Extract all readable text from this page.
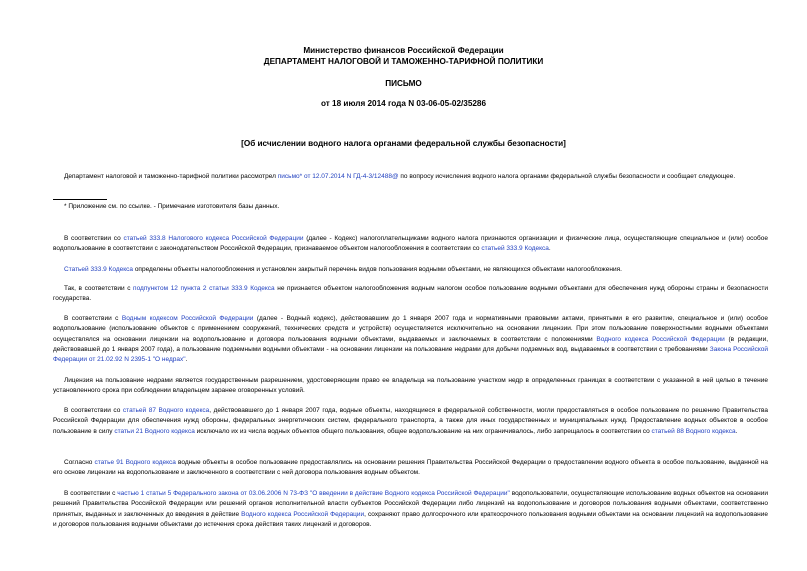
Министерство финансов Российской Федерации
ДЕПАРТАМЕНТ НАЛОГОВОЙ И ТАМОЖЕННО-ТАРИФНОЙ ПОЛИТИКИ
ПИСЬМО
от 18 июля 2014 года N 03-06-05-02/35286
[Об исчислении водного налога органами федеральной службы безопасности]

Департамент налоговой и таможенно-тарифной политики рассмотрел письмо* от 12.07.2014 N ГД-4-3/12488@ по вопросу исчисления водного налога органами федеральной службы безопасности и сообщает следующее.

* Приложение см. по ссылке. - Примечание изготовителя базы данных.

В соответствии со статьей 333.8 Налогового кодекса Российской Федерации (далее - Кодекс) налогоплательщиками водного налога признаются организации и физические лица, осуществляющие специальное и (или) особое водопользование в соответствии с законодательством Российской Федерации, признаваемое объектом налогообложения в соответствии со статьей 333.9 Кодекса.

Статьей 333.9 Кодекса определены объекты налогообложения и установлен закрытый перечень видов пользования водными объектами, не являющихся объектами налогообложения.

Так, в соответствии с подпунктом 12 пункта 2 статьи 333.9 Кодекса не признается объектом налогообложения водным налогом особое пользование водными объектами для обеспечения нужд обороны страны и безопасности государства.

В соответствии с Водным кодексом Российской Федерации (далее - Водный кодекс), действовавшим до 1 января 2007 года и нормативными правовыми актами, принятыми в его развитие, специальное и (или) особое водопользование (использование объектов с применением сооружений, технических средств и устройств) осуществляется исключительно на основании лицензии. При этом пользование поверхностными водными объектами осуществлялся на основании лицензии на водопользование и договора пользования водными объектами, выдаваемых и заключаемых в соответствии с положениями Водного кодекса Российской Федерации (в редакции, действовавшей до 1 января 2007 года), а пользование подземными водными объектами - на основании лицензии на пользование недрами для добычи подземных вод, выдаваемых в соответствии с требованиями Закона Российской Федерации от 21.02.92 N 2395-1 "О недрах".

Лицензия на пользование недрами является государственным разрешением, удостоверяющим право ее владельца на пользование участком недр в определенных границах в соответствии с указанной в ней целью в течение установленного срока при соблюдении владельцем заранее оговоренных условий.

В соответствии со статьей 87 Водного кодекса, действовавшего до 1 января 2007 года, водные объекты, находящиеся в федеральной собственности, могли предоставляться в особое пользование по решению Правительства Российской Федерации для обеспечения нужд обороны, федеральных энергетических систем, федерального транспорта, а также для иных государственных и муниципальных нужд. Предоставление водных объектов в особое пользование в силу статьи 21 Водного кодекса исключало их из числа водных объектов общего пользования, общее водопользование на них ограничивалось, либо запрещалось в соответствии со статьей 88 Водного кодекса.

Согласно статье 91 Водного кодекса водные объекты в особое пользование предоставлялись на основании решения Правительства Российской Федерации о предоставлении водного объекта в особое пользование, выданной на его основе лицензии на водопользование и заключенного в соответствии с ней договора пользования водным объектом.

В соответствии с частью 1 статьи 5 Федерального закона от 03.06.2006 N 73-ФЗ "О введении в действие Водного кодекса Российской Федерации" водопользователи, осуществляющие использование водных объектов на основании решений Правительства Российской Федерации или решений органов исполнительной власти субъектов Российской Федерации либо лицензий на водопользование и договоров пользования водными объектами, соответственно принятых, выданных и заключенных до введения в действие Водного кодекса Российской Федерации, сохраняют право долгосрочного или краткосрочного пользования водными объектами на основании лицензий на водопользование и договоров пользования водными объектами до истечения срока действия таких лицензий и договоров.
